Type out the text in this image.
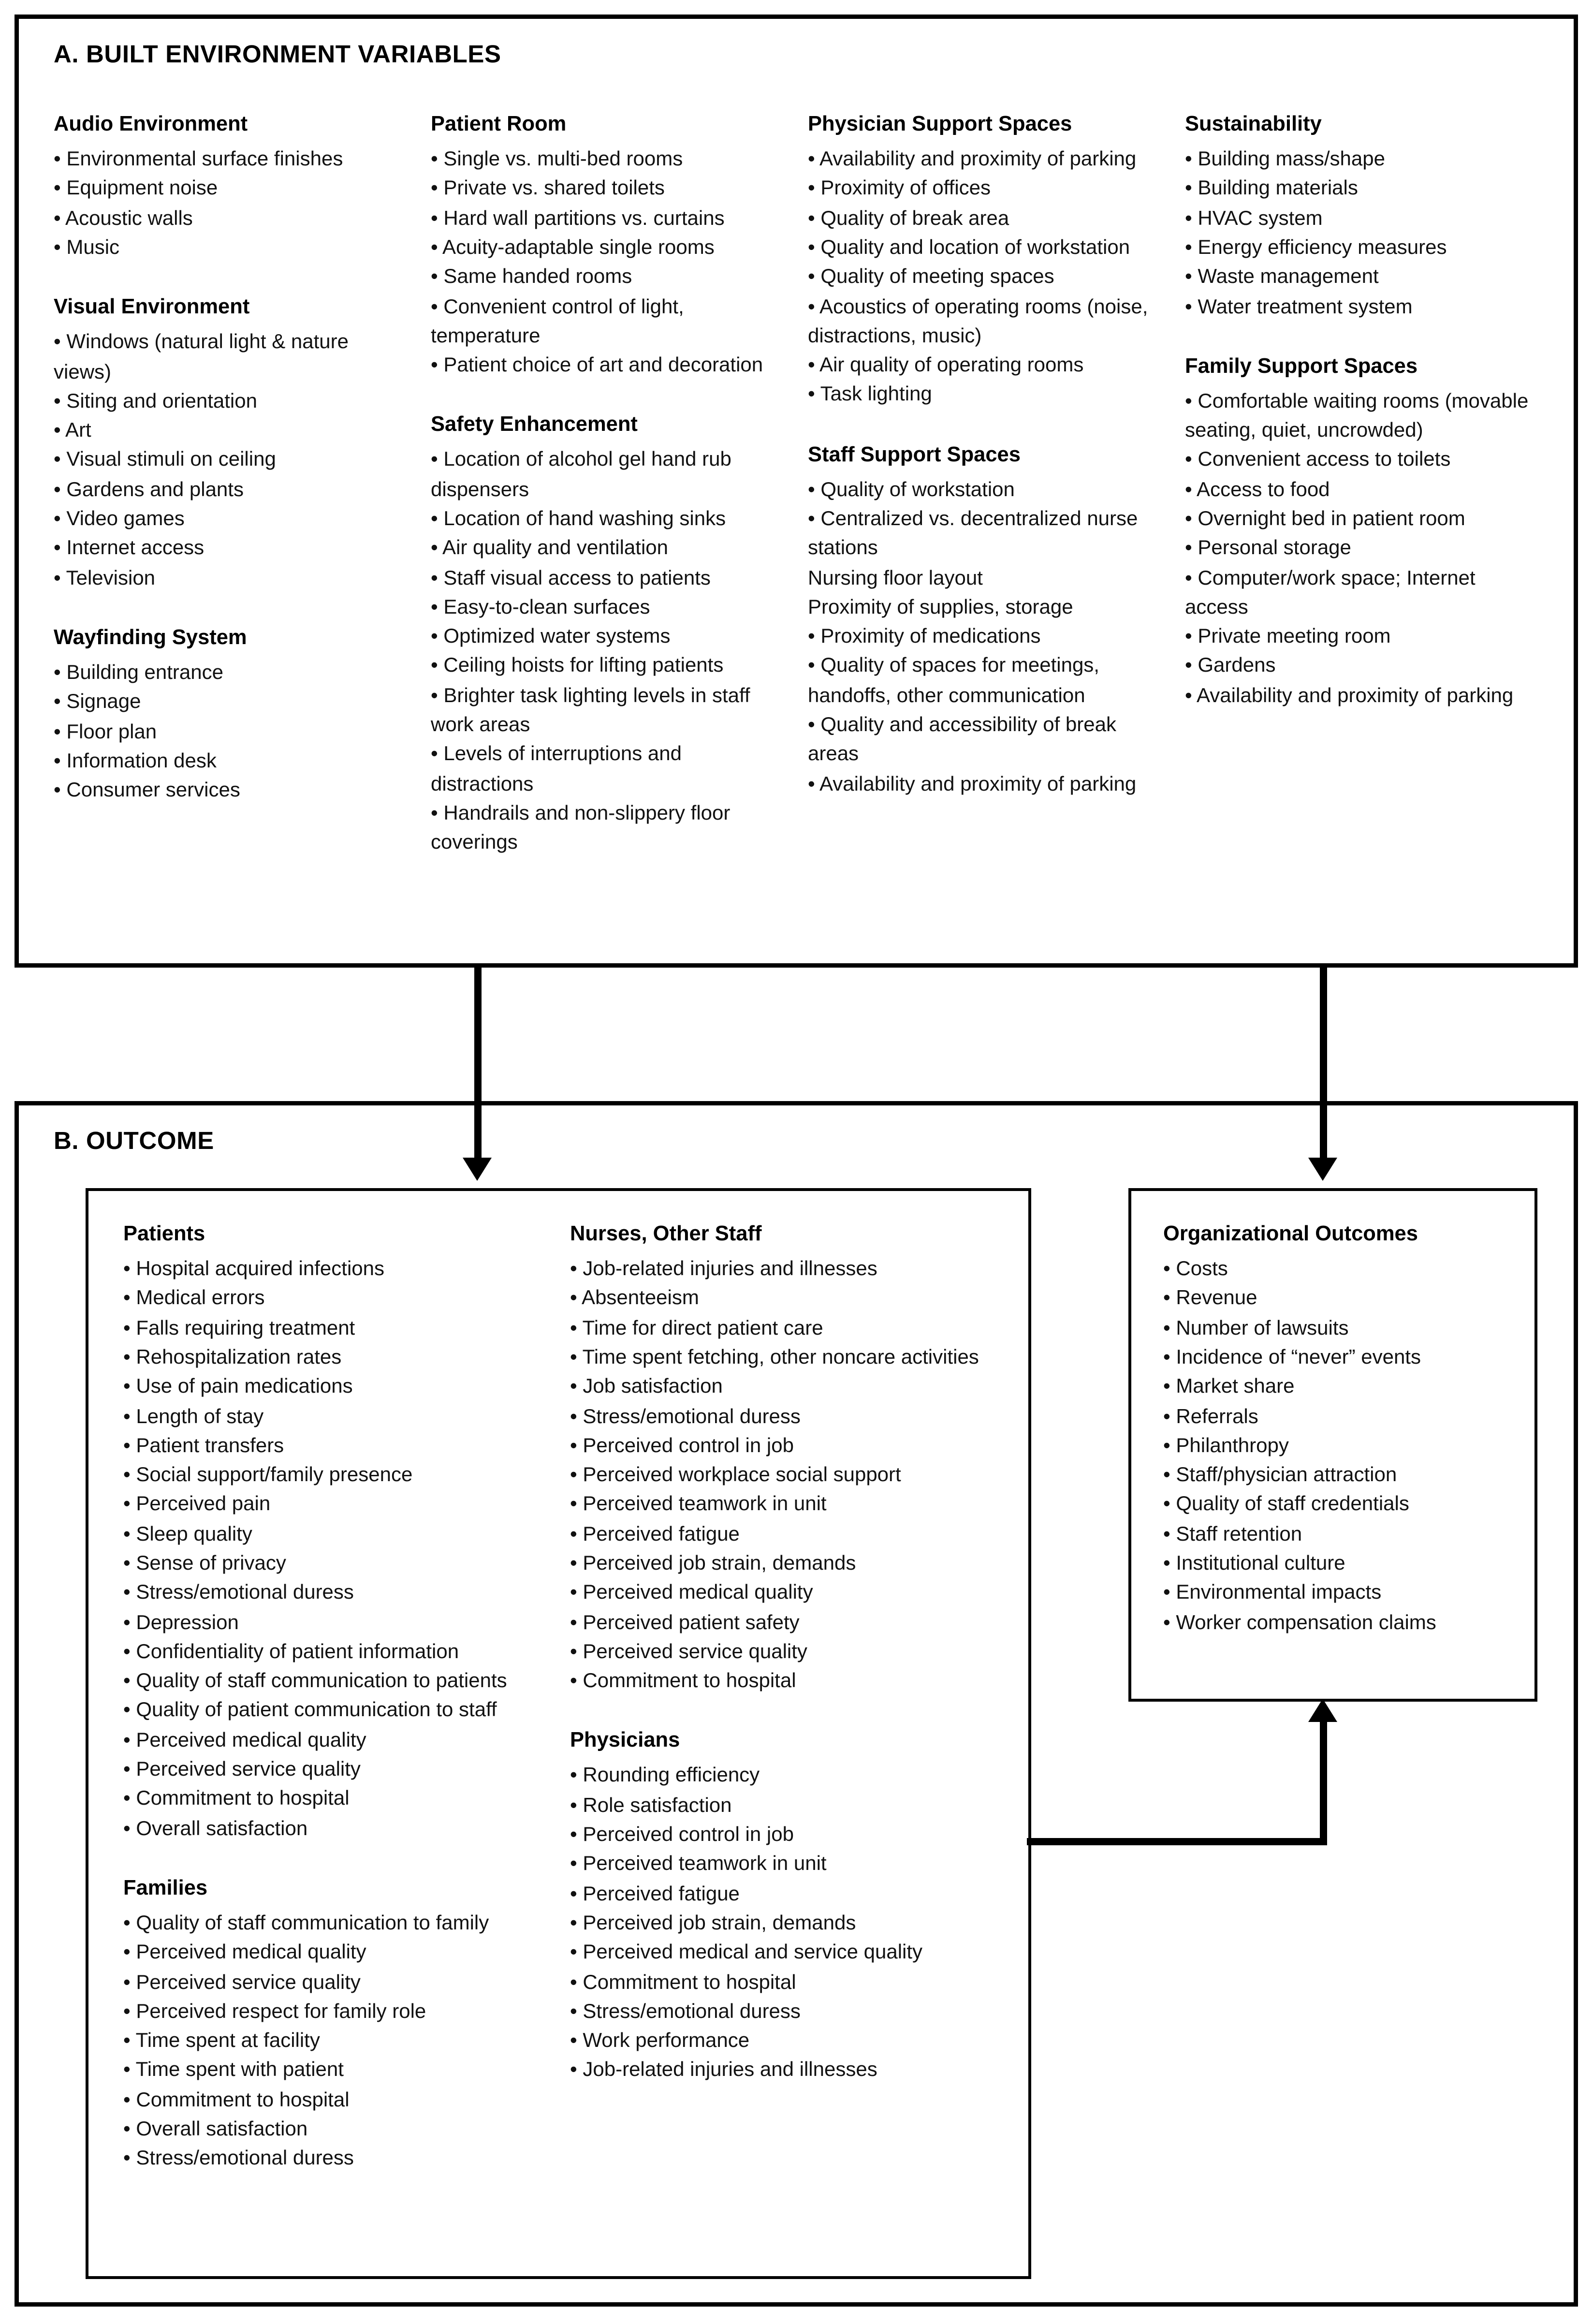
A. BUILT ENVIRONMENT VARIABLES
Audio Environment
• Environmental surface finishes
• Equipment noise
• Acoustic walls
• Music
Visual Environment
• Windows (natural light & nature views)
• Siting and orientation
• Art
• Visual stimuli on ceiling
• Gardens and plants
• Video games
• Internet access
• Television
Wayfinding System
• Building entrance
• Signage
• Floor plan
• Information desk
• Consumer services
Patient Room
• Single vs. multi-bed rooms
• Private vs. shared toilets
• Hard wall partitions vs. curtains
• Acuity-adaptable single rooms
• Same handed rooms
• Convenient control of light, temperature
• Patient choice of art and decoration
Safety Enhancement
• Location of alcohol gel hand rub dispensers
• Location of hand washing sinks
• Air quality and ventilation
• Staff visual access to patients
• Easy-to-clean surfaces
• Optimized water systems
• Ceiling hoists for lifting patients
• Brighter task lighting levels in staff work areas
• Levels of interruptions and distractions
• Handrails and non-slippery floor coverings
Physician Support Spaces
• Availability and proximity of parking
• Proximity of offices
• Quality of break area
• Quality and location of workstation
• Quality of meeting spaces
• Acoustics of operating rooms (noise, distractions, music)
• Air quality of operating rooms
• Task lighting
Staff Support Spaces
• Quality of workstation
• Centralized vs. decentralized nurse stations
Nursing floor layout
Proximity of supplies, storage
• Proximity of medications
• Quality of spaces for meetings, handoffs, other communication
• Quality and accessibility of break areas
• Availability and proximity of parking
Sustainability
• Building mass/shape
• Building materials
• HVAC system
• Energy efficiency measures
• Waste management
• Water treatment system
Family Support Spaces
• Comfortable waiting rooms (movable seating, quiet, uncrowded)
• Convenient access to toilets
• Access to food
• Overnight bed in patient room
• Personal storage
• Computer/work space; Internet access
• Private meeting room
• Gardens
• Availability and proximity of parking
B. OUTCOME
Patients
• Hospital acquired infections
• Medical errors
• Falls requiring treatment
• Rehospitalization rates
• Use of pain medications
• Length of stay
• Patient transfers
• Social support/family presence
• Perceived pain
• Sleep quality
• Sense of privacy
• Stress/emotional duress
• Depression
• Confidentiality of patient information
• Quality of staff communication to patients
• Quality of patient communication to staff
• Perceived medical quality
• Perceived service quality
• Commitment to hospital
• Overall satisfaction
Families
• Quality of staff communication to family
• Perceived medical quality
• Perceived service quality
• Perceived respect for family role
• Time spent at facility
• Time spent with patient
• Commitment to hospital
• Overall satisfaction
• Stress/emotional duress
Nurses, Other Staff
• Job-related injuries and illnesses
• Absenteeism
• Time for direct patient care
• Time spent fetching, other noncare activities
• Job satisfaction
• Stress/emotional duress
• Perceived control in job
• Perceived workplace social support
• Perceived teamwork in unit
• Perceived fatigue
• Perceived job strain, demands
• Perceived medical quality
• Perceived patient safety
• Perceived service quality
• Commitment to hospital
Physicians
• Rounding efficiency
• Role satisfaction
• Perceived control in job
• Perceived teamwork in unit
• Perceived fatigue
• Perceived job strain, demands
• Perceived medical and service quality
• Commitment to hospital
• Stress/emotional duress
• Work performance
• Job-related injuries and illnesses
Organizational Outcomes
• Costs
• Revenue
• Number of lawsuits
• Incidence of “never” events
• Market share
• Referrals
• Philanthropy
• Staff/physician attraction
• Quality of staff credentials
• Staff retention
• Institutional culture
• Environmental impacts
• Worker compensation claims
